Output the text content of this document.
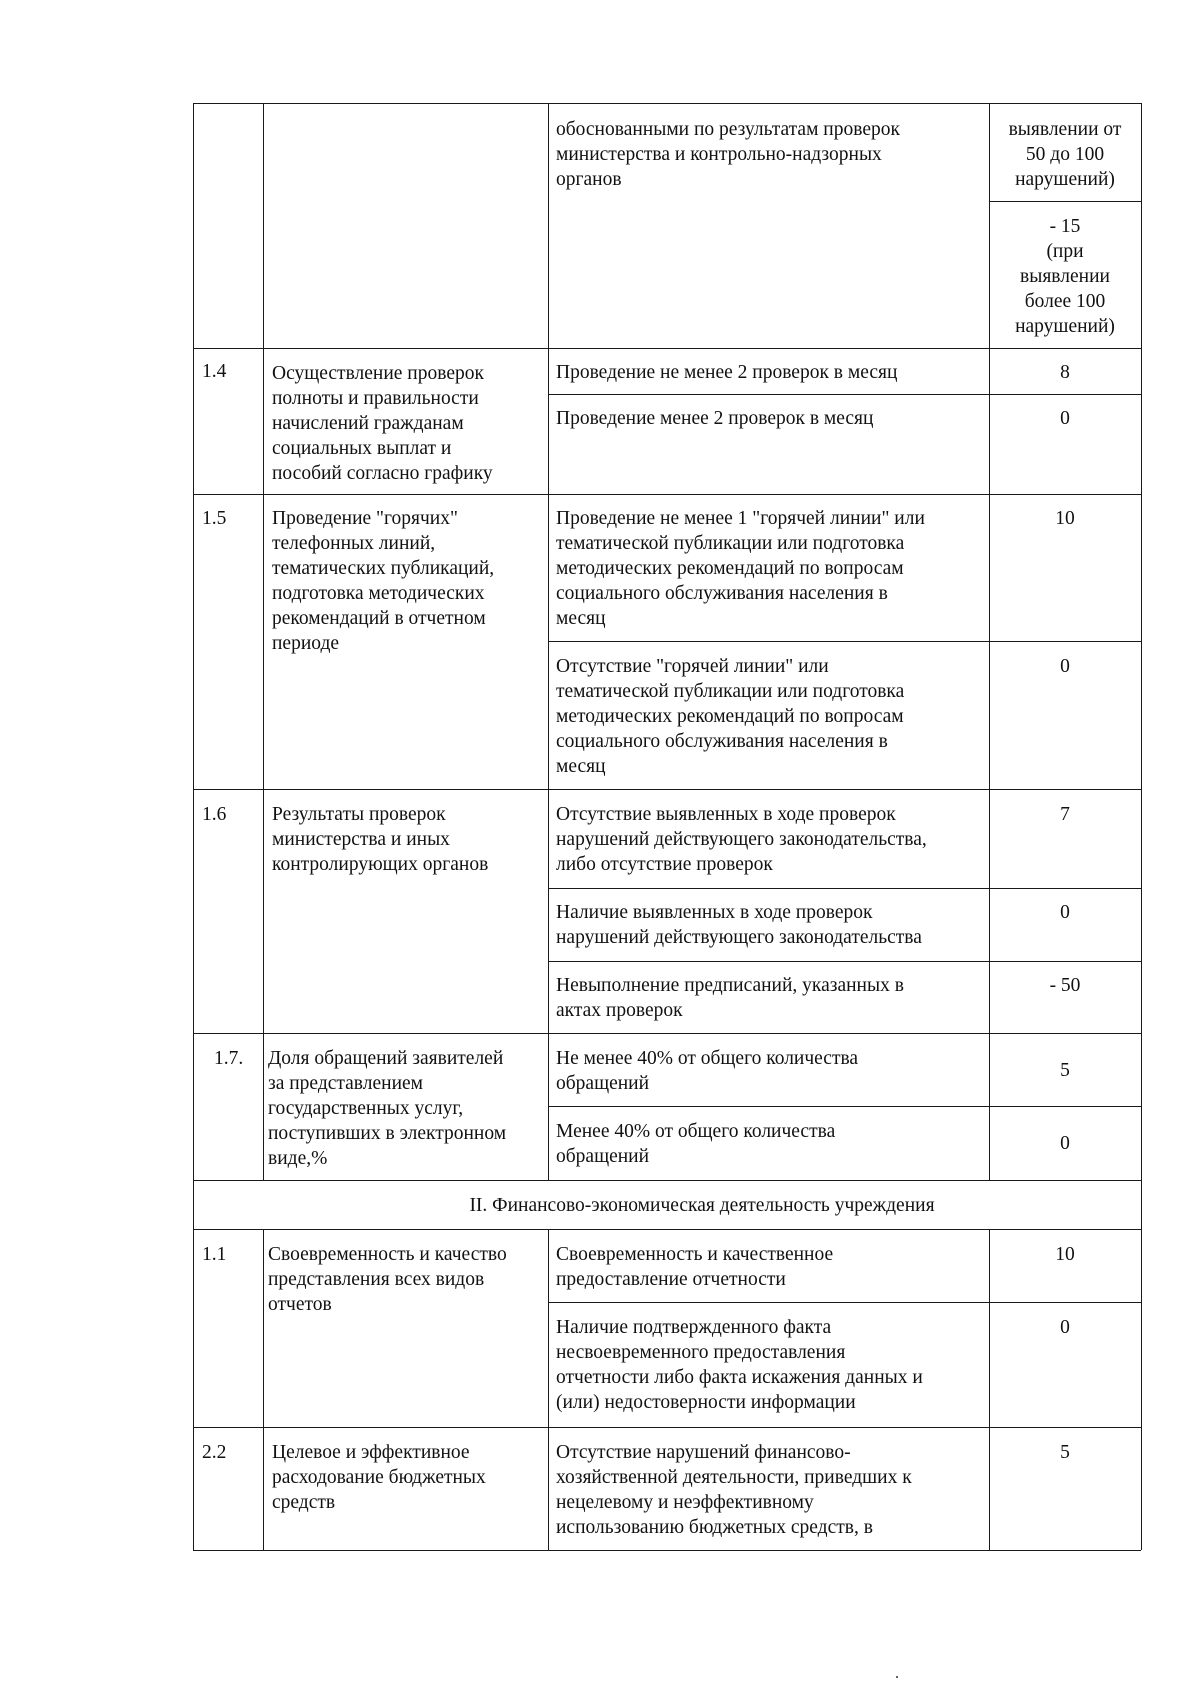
обоснованными по результатам проверок
министерства и контрольно-надзорных
органов
выявлении от
50 до 100
нарушений)
- 15
(при
выявлении
более 100
нарушений)
1.4 Осуществление проверок
полноты и правильности
начислений гражданам
социальных выплат и
пособий согласно графику
Проведение не менее 2 проверок в месяц	8
Проведение менее 2 проверок в месяц	0
1.5 Проведение "горячих"
телефонных линий,
тематических публикаций,
подготовка методических
рекомендаций в отчетном
периоде
Проведение не менее 1 "горячей линии" или
тематической публикации или подготовка
методических рекомендаций по вопросам
социального обслуживания населения в
месяц
10
Отсутствие "горячей линии" или
тематической публикации или подготовка
методических рекомендаций по вопросам
социального обслуживания населения в
месяц
0
1.6 Результаты проверок
министерства и иных
контролирующих органов
Отсутствие выявленных в ходе проверок
нарушений действующего законодательства,
либо отсутствие проверок
7
Наличие выявленных в ходе проверок
нарушений действующего законодательства
0
Невыполнение предписаний, указанных в
актах проверок
- 50
1.7. Доля обращений заявителей
за представлением
государственных услуг,
поступивших в электронном
виде,%
Не менее 40% от общего количества
обращений
5
Менее 40% от общего количества
обращений
0
II. Финансово-экономическая деятельность учреждения
1.1 Своевременность и качество
представления всех видов
отчетов
Своевременность и качественное
предоставление отчетности
10
Наличие подтвержденного факта
несвоевременного предоставления
отчетности либо факта искажения данных и
(или) недостоверности информации
0
2.2 Целевое и эффективное
расходование бюджетных
средств
Отсутствие нарушений финансово-
хозяйственной деятельности, приведших к
нецелевому и неэффективному
использованию бюджетных средств, в
5
